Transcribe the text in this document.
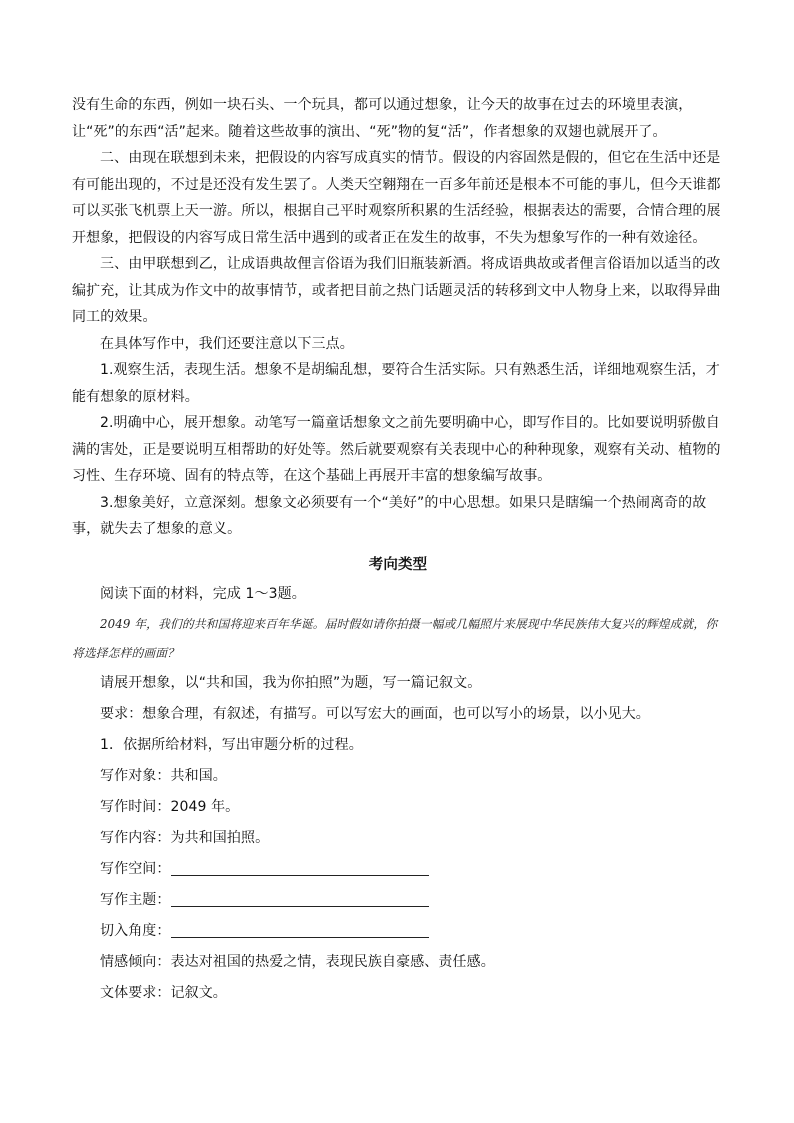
没有生命的东西，例如一块石头、一个玩具，都可以通过想象，让今天的故事在过去的环境里表演，让“死”的东西“活”起来。随着这些故事的演出、“死”物的复“活”，作者想象的双翅也就展开了。

二、由现在联想到未来，把假设的内容写成真实的情节。假设的内容固然是假的，但它在生活中还是有可能出现的，不过是还没有发生罢了。人类天空翱翔在一百多年前还是根本不可能的事儿，但今天谁都可以买张飞机票上天一游。所以，根据自己平时观察所积累的生活经验，根据表达的需要，合情合理的展开想象，把假设的内容写成日常生活中遇到的或者正在发生的故事，不失为想象写作的一种有效途径。

三、由甲联想到乙，让成语典故俚言俗语为我们旧瓶装新酒。将成语典故或者俚言俗语加以适当的改编扩充，让其成为作文中的故事情节，或者把目前之热门话题灵活的转移到文中人物身上来，以取得异曲同工的效果。

在具体写作中，我们还要注意以下三点。

1.观察生活，表现生活。想象不是胡编乱想，要符合生活实际。只有熟悉生活，详细地观察生活，才能有想象的原材料。

2.明确中心，展开想象。动笔写一篇童话想象文之前先要明确中心，即写作目的。比如要说明骄傲自满的害处，正是要说明互相帮助的好处等。然后就要观察有关表现中心的种种现象，观察有关动、植物的习性、生存环境、固有的特点等，在这个基础上再展开丰富的想象编写故事。

3.想象美好，立意深刻。想象文必须要有一个“美好”的中心思想。如果只是瞎编一个热闹离奇的故事，就失去了想象的意义。

考向类型

阅读下面的材料，完成 1～3题。

2049 年，我们的共和国将迎来百年华诞。届时假如请你拍摄一幅或几幅照片来展现中华民族伟大复兴的辉煌成就，你将选择怎样的画面？

请展开想象，以“共和国，我为你拍照”为题，写一篇记叙文。

要求：想象合理，有叙述，有描写。可以写宏大的画面，也可以写小的场景，以小见大。

1．依据所给材料，写出审题分析的过程。

写作对象：共和国。

写作时间：2049 年。

写作内容：为共和国拍照。

写作空间：

写作主题：

切入角度：

情感倾向：表达对祖国的热爱之情，表现民族自豪感、责任感。

文体要求：记叙文。
